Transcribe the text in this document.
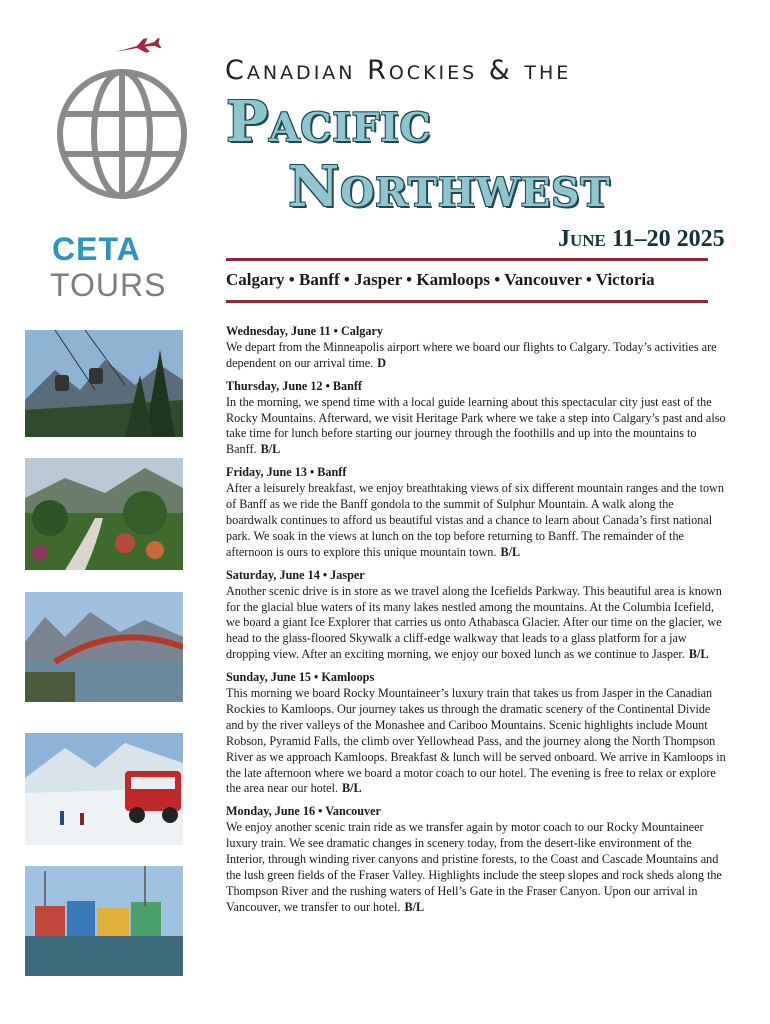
CETA
TOURS
Canadian Rockies & the
Pacific
Northwest
June 11–20 2025
Calgary • Banff • Jasper • Kamloops • Vancouver • Victoria
Wednesday, June 11 • Calgary
We depart from the Minneapolis airport where we board our flights to Calgary. Today’s activities are dependent on our arrival time. D
Thursday, June 12 • Banff
In the morning, we spend time with a local guide learning about this spectacular city just east of the Rocky Mountains. Afterward, we visit Heritage Park where we take a step into Calgary’s past and also take time for lunch before starting our journey through the foothills and up into the mountains to Banff. B/L
Friday, June 13 • Banff
After a leisurely breakfast, we enjoy breathtaking views of six different mountain ranges and the town of Banff as we ride the Banff gondola to the summit of Sulphur Mountain. A walk along the boardwalk continues to afford us beautiful vistas and a chance to learn about Canada’s first national park. We soak in the views at lunch on the top before returning to Banff. The remainder of the afternoon is ours to explore this unique mountain town. B/L
Saturday, June 14 • Jasper
Another scenic drive is in store as we travel along the Icefields Parkway. This beautiful area is known for the glacial blue waters of its many lakes nestled among the mountains. At the Columbia Icefield, we board a giant Ice Explorer that carries us onto Athabasca Glacier. After our time on the glacier, we head to the glass-floored Skywalk a cliff-edge walkway that leads to a glass platform for a jaw dropping view. After an exciting morning, we enjoy our boxed lunch as we continue to Jasper. B/L
Sunday, June 15 • Kamloops
This morning we board Rocky Mountaineer’s luxury train that takes us from Jasper in the Canadian Rockies to Kamloops. Our journey takes us through the dramatic scenery of the Continental Divide and by the river valleys of the Monashee and Cariboo Mountains. Scenic highlights include Mount Robson, Pyramid Falls, the climb over Yellowhead Pass, and the journey along the North Thompson River as we approach Kamloops. Breakfast & lunch will be served onboard. We arrive in Kamloops in the late afternoon where we board a motor coach to our hotel. The evening is free to relax or explore the area near our hotel. B/L
Monday, June 16 • Vancouver
We enjoy another scenic train ride as we transfer again by motor coach to our Rocky Mountaineer luxury train. We see dramatic changes in scenery today, from the desert-like environment of the Interior, through winding river canyons and pristine forests, to the Coast and Cascade Mountains and the lush green fields of the Fraser Valley. Highlights include the steep slopes and rock sheds along the Thompson River and the rushing waters of Hell’s Gate in the Fraser Canyon. Upon our arrival in Vancouver, we transfer to our hotel. B/L
